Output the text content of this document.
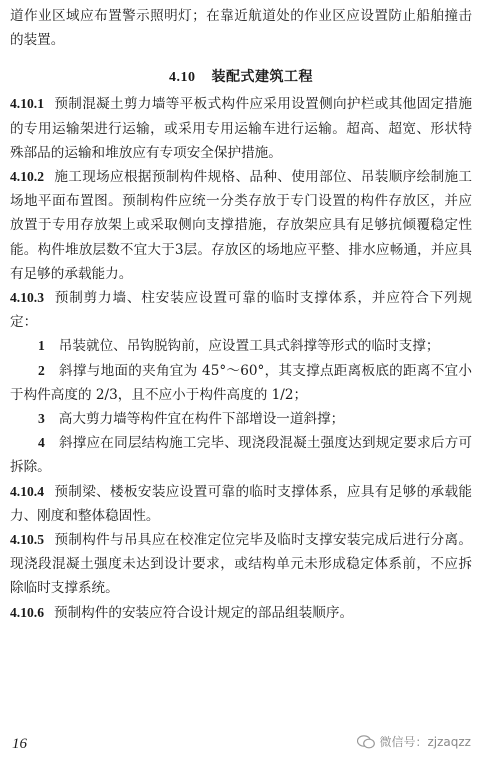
道作业区域应布置警示照明灯；在靠近航道处的作业区应设置防止船舶撞击的装置。

4.10 装配式建筑工程

4.10.1 预制混凝土剪力墙等平板式构件应采用设置侧向护栏或其他固定措施的专用运输架进行运输，或采用专用运输车进行运输。超高、超宽、形状特殊部品的运输和堆放应有专项安全保护措施。

4.10.2 施工现场应根据预制构件规格、品种、使用部位、吊装顺序绘制施工场地平面布置图。预制构件应统一分类存放于专门设置的构件存放区，并应放置于专用存放架上或采取侧向支撑措施，存放架应具有足够抗倾覆稳定性能。构件堆放层数不宜大于3层。存放区的场地应平整、排水应畅通，并应具有足够的承载能力。

4.10.3 预制剪力墙、柱安装应设置可靠的临时支撑体系，并应符合下列规定：

1 吊装就位、吊钩脱钩前，应设置工具式斜撑等形式的临时支撑；

2 斜撑与地面的夹角宜为 45°～60°，其支撑点距离板底的距离不宜小于构件高度的 2/3，且不应小于构件高度的 1/2；

3 高大剪力墙等构件宜在构件下部增设一道斜撑；

4 斜撑应在同层结构施工完毕、现浇段混凝土强度达到规定要求后方可拆除。

4.10.4 预制梁、楼板安装应设置可靠的临时支撑体系，应具有足够的承载能力、刚度和整体稳固性。

4.10.5 预制构件与吊具应在校准定位完毕及临时支撑安装完成后进行分离。现浇段混凝土强度未达到设计要求，或结构单元未形成稳定体系前，不应拆除临时支撑系统。

4.10.6 预制构件的安装应符合设计规定的部品组装顺序。

16	微信号：zjzaqzz
